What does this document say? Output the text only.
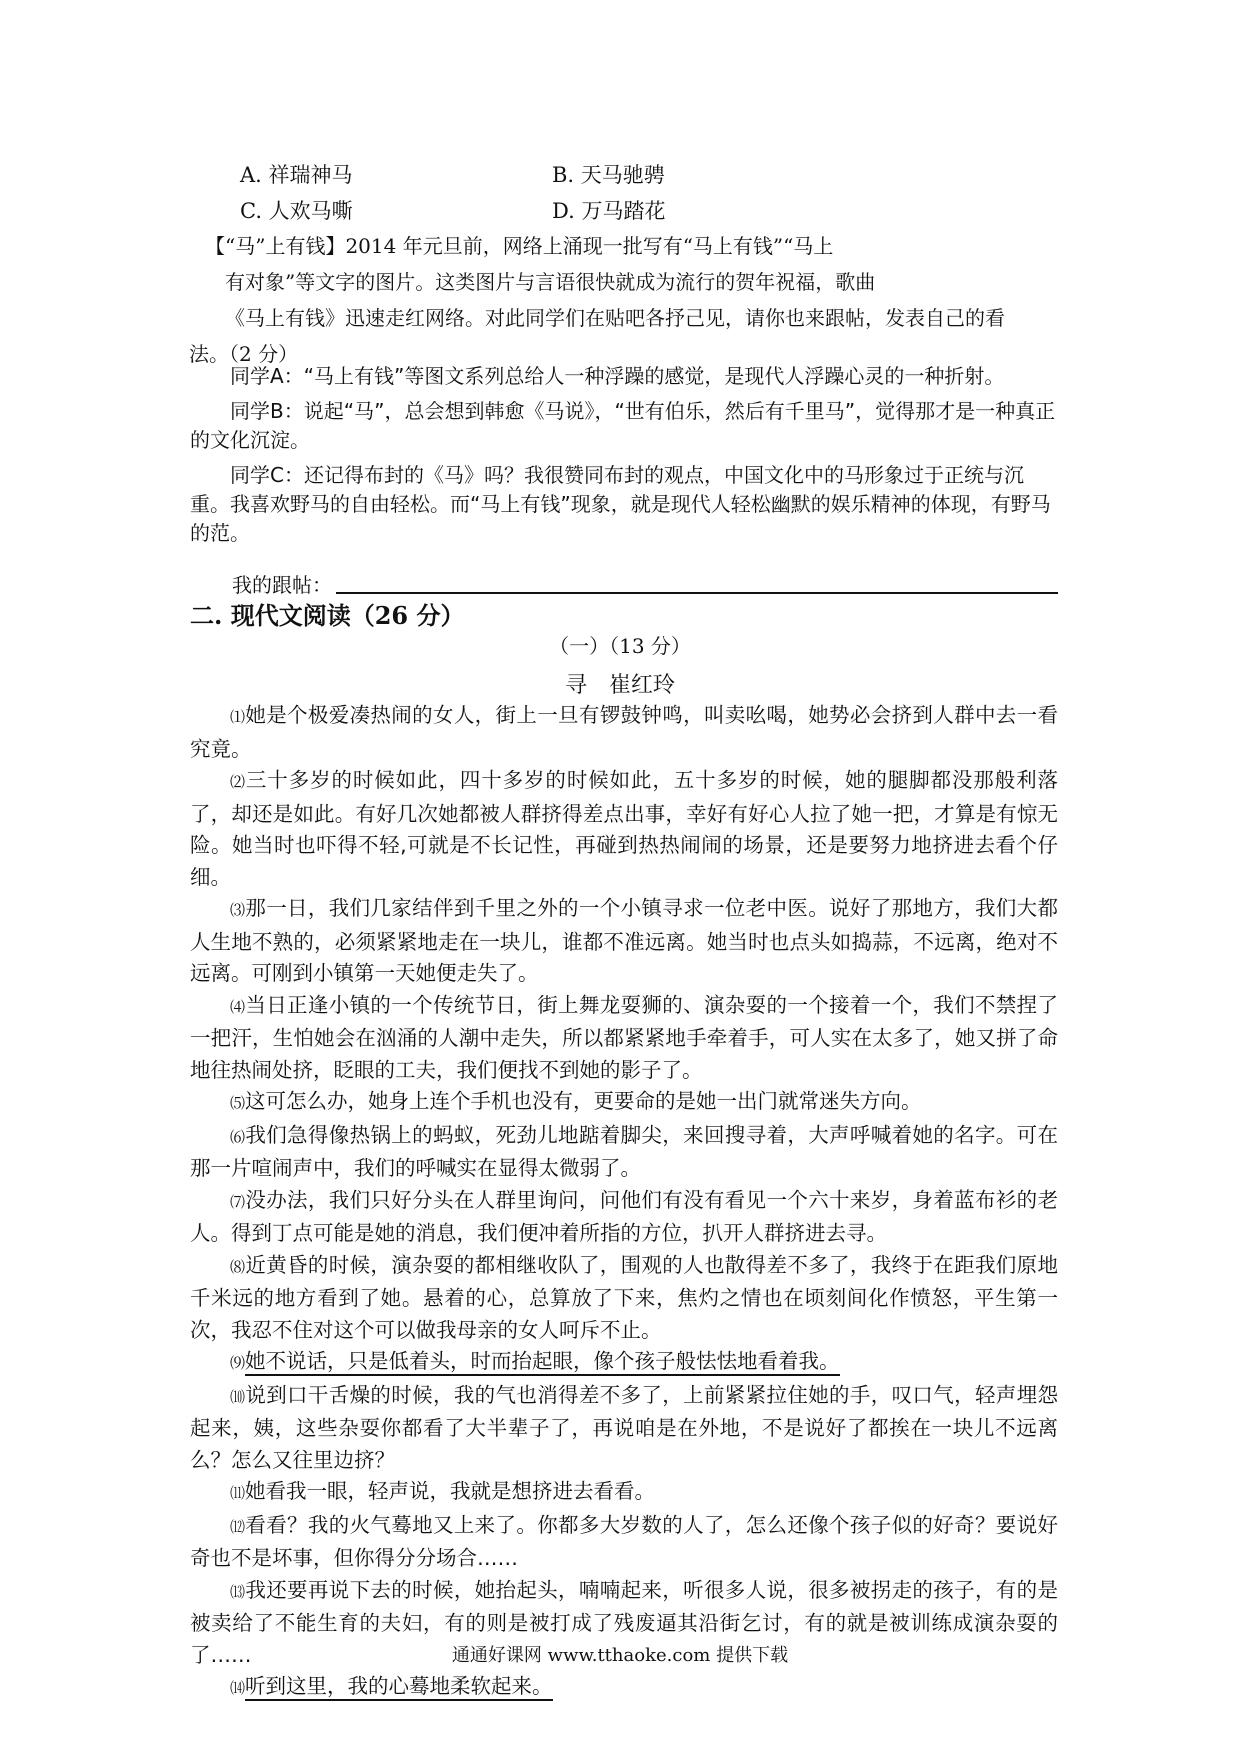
A. 祥瑞神马	B. 天马驰骋
C. 人欢马嘶	D. 万马踏花
【“马”上有钱】2014 年元旦前，网络上涌现一批写有“马上有钱”“马上
有对象”等文字的图片。这类图片与言语很快就成为流行的贺年祝福，歌曲
《马上有钱》迅速走红网络。对此同学们在贴吧各抒己见，请你也来跟帖，发表自己的看
法。（2 分）

同学A：“马上有钱”等图文系列总给人一种浮躁的感觉，是现代人浮躁心灵的一种折射。

同学B：说起“马”，总会想到韩愈《马说》，“世有伯乐，然后有千里马”，觉得那才是一种真正的文化沉淀。

同学C：还记得布封的《马》吗？我很赞同布封的观点，中国文化中的马形象过于正统与沉重。我喜欢野马的自由轻松。而“马上有钱”现象，就是现代人轻松幽默的娱乐精神的体现，有野马的范。

我的跟帖：
二. 现代文阅读（26 分）
（一）（13 分）
寻　崔红玲

⑴她是个极爱凑热闹的女人，街上一旦有锣鼓钟鸣，叫卖吆喝，她势必会挤到人群中去一看究竟。

⑵三十多岁的时候如此，四十多岁的时候如此，五十多岁的时候，她的腿脚都没那般利落了，却还是如此。有好几次她都被人群挤得差点出事，幸好有好心人拉了她一把，才算是有惊无险。她当时也吓得不轻,可就是不长记性，再碰到热热闹闹的场景，还是要努力地挤进去看个仔细。

⑶那一日，我们几家结伴到千里之外的一个小镇寻求一位老中医。说好了那地方，我们大都人生地不熟的，必须紧紧地走在一块儿，谁都不准远离。她当时也点头如捣蒜，不远离，绝对不远离。可刚到小镇第一天她便走失了。

⑷当日正逢小镇的一个传统节日，街上舞龙耍狮的、演杂耍的一个接着一个，我们不禁捏了一把汗，生怕她会在汹涌的人潮中走失，所以都紧紧地手牵着手，可人实在太多了，她又拼了命地往热闹处挤，眨眼的工夫，我们便找不到她的影子了。

⑸这可怎么办，她身上连个手机也没有，更要命的是她一出门就常迷失方向。

⑹我们急得像热锅上的蚂蚁，死劲儿地踮着脚尖，来回搜寻着，大声呼喊着她的名字。可在那一片喧闹声中，我们的呼喊实在显得太微弱了。

⑺没办法，我们只好分头在人群里询问，问他们有没有看见一个六十来岁，身着蓝布衫的老人。得到丁点可能是她的消息，我们便冲着所指的方位，扒开人群挤进去寻。

⑻近黄昏的时候，演杂耍的都相继收队了，围观的人也散得差不多了，我终于在距我们原地千米远的地方看到了她。悬着的心，总算放了下来，焦灼之情也在顷刻间化作愤怒，平生第一次，我忍不住对这个可以做我母亲的女人呵斥不止。

⑼她不说话，只是低着头，时而抬起眼，像个孩子般怯怯地看着我。

⑽说到口干舌燥的时候，我的气也消得差不多了，上前紧紧拉住她的手，叹口气，轻声埋怨起来，姨，这些杂耍你都看了大半辈子了，再说咱是在外地，不是说好了都挨在一块儿不远离么？怎么又往里边挤？

⑾她看我一眼，轻声说，我就是想挤进去看看。

⑿看看？我的火气蓦地又上来了。你都多大岁数的人了，怎么还像个孩子似的好奇？要说好奇也不是坏事，但你得分分场合……

⒀我还要再说下去的时候，她抬起头，喃喃起来，听很多人说，很多被拐走的孩子，有的是被卖给了不能生育的夫妇，有的则是被打成了残废逼其沿街乞讨，有的就是被训练成演杂耍的了……

⒁听到这里，我的心蓦地柔软起来。

通通好课网 www.tthaoke.com 提供下载
